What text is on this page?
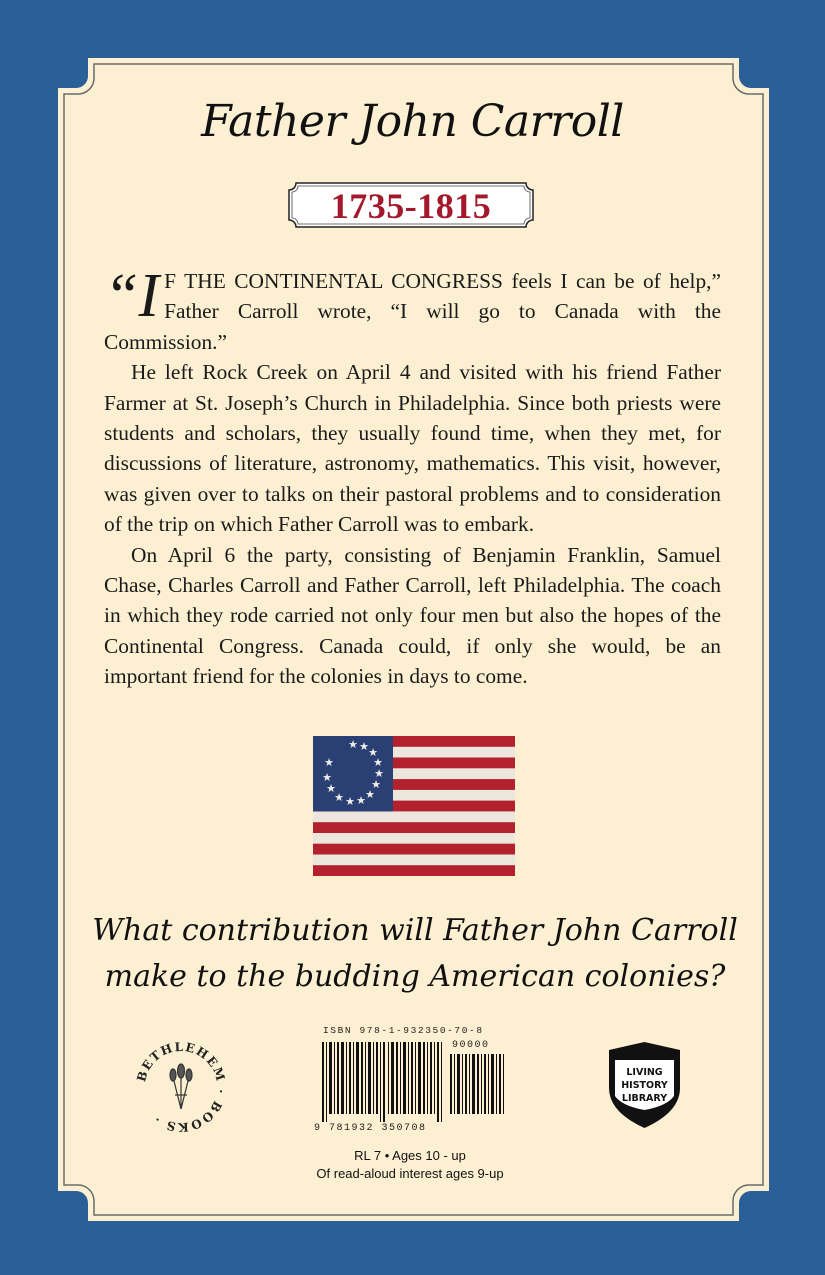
Father John Carroll
1735-1815

“I F THE CONTINENTAL CONGRESS feels I can be of help,” Father Carroll wrote, “I will go to Canada with the Commission.”

He left Rock Creek on April 4 and visited with his friend Father Farmer at St. Joseph’s Church in Philadelphia. Since both priests were students and scholars, they usually found time, when they met, for discussions of literature, astronomy, mathematics. This visit, however, was given over to talks on their pastoral problems and to consideration of the trip on which Father Carroll was to embark.

On April 6 the party, consisting of Benjamin Franklin, Samuel Chase, Charles Carroll and Father Carroll, left Philadelphia. The coach in which they rode carried not only four men but also the hopes of the Continental Congress. Canada could, if only she would, be an important friend for the colonies in days to come.

★ ★ ★
★
★
★
★
★
★
★
★
★
★
What contribution will Father John Carroll
make to the budding American colonies?
BETHLEHEM · BOOKS ·
ISBN 978-1-932350-70-8
90000
9 781932 350708
RL 7 • Ages 10 - up
Of read-aloud interest ages 9-up
LIVING
HISTORY
LIBRARY
